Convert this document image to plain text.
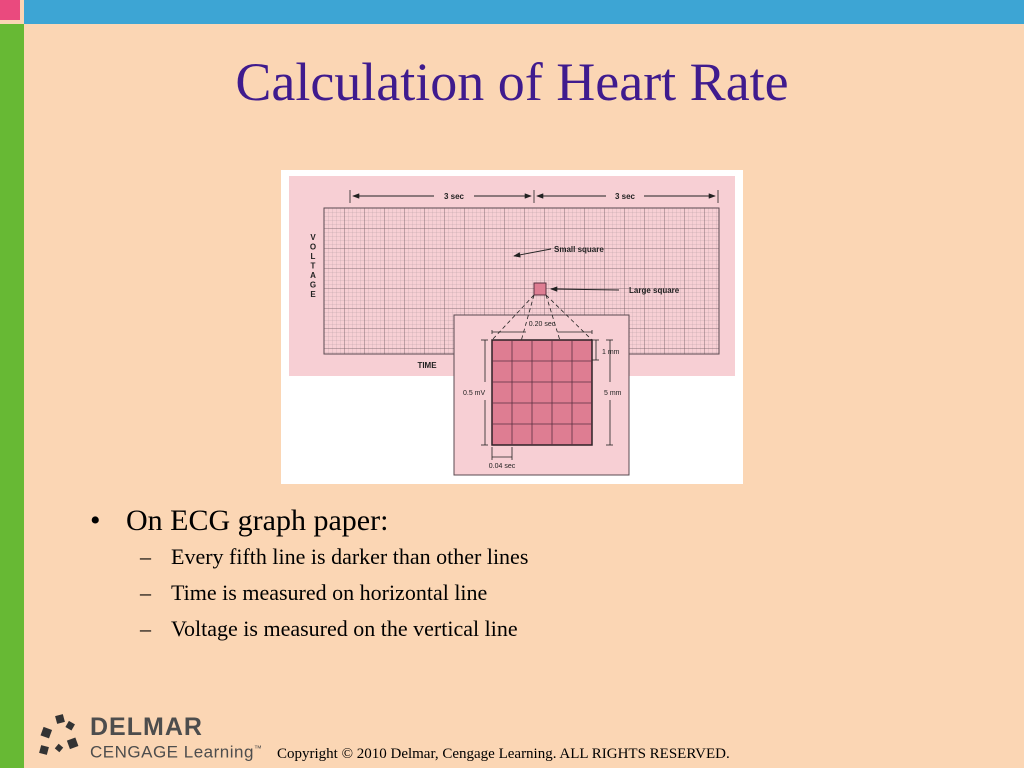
Calculation of Heart Rate
3 sec	3 sec
V O L T A G E
TIME
Small square
Large square
0.20 sec
1 mm
5 mm
0.5 mV
0.04 sec
• On ECG graph paper:
– Every fifth line is darker than other lines
– Time is measured on horizontal line
– Voltage is measured on the vertical line
DELMAR
CENGAGE Learning™ Copyright © 2010 Delmar, Cengage Learning. ALL RIGHTS RESERVED.
